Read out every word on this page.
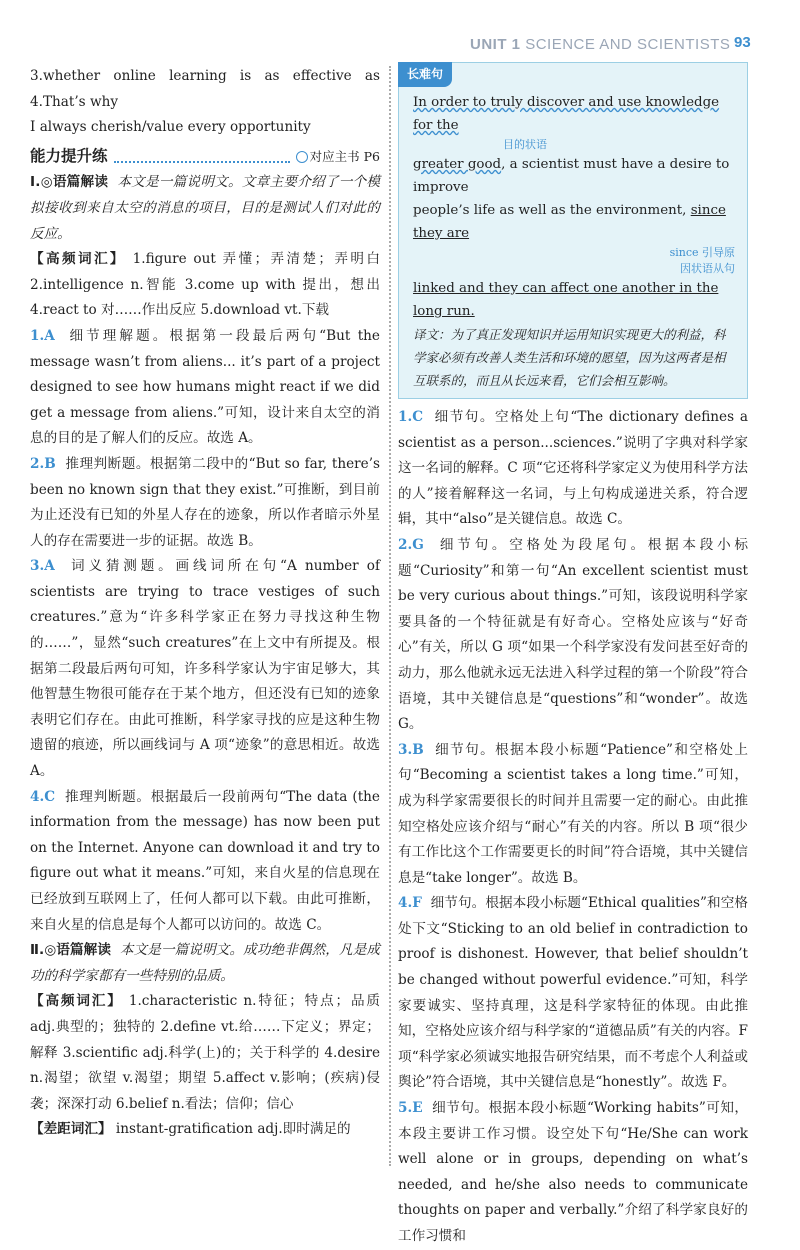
UNIT 1 SCIENCE AND SCIENTISTS 93

3.whether online learning is as effective as 4.That’s why

I always cherish/value every opportunity

能力提升练	对应主书 P6

Ⅰ.◎语篇解读 本文是一篇说明文。文章主要介绍了一个模拟接收到来自太空的消息的项目，目的是测试人们对此的反应。

【高频词汇】 1.figure out 弄懂；弄清楚；弄明白 2.intelligence n.智能 3.come up with 提出，想出 4.react to 对……作出反应 5.download vt.下载

1.A 细节理解题。根据第一段最后两句“But the message wasn’t from aliens... it’s part of a project designed to see how humans might react if we did get a message from aliens.”可知，设计来自太空的消息的目的是了解人们的反应。故选 A。

2.B 推理判断题。根据第二段中的“But so far, there’s been no known sign that they exist.”可推断，到目前为止还没有已知的外星人存在的迹象，所以作者暗示外星人的存在需要进一步的证据。故选 B。

3.A 词义猜测题。画线词所在句“A number of scientists are trying to trace vestiges of such creatures.”意为“许多科学家正在努力寻找这种生物的……”，显然“such creatures”在上文中有所提及。根据第二段最后两句可知，许多科学家认为宇宙足够大，其他智慧生物很可能存在于某个地方，但还没有已知的迹象表明它们存在。由此可推断，科学家寻找的应是这种生物遗留的痕迹，所以画线词与 A 项“迹象”的意思相近。故选 A。

4.C 推理判断题。根据最后一段前两句“The data (the information from the message) has now been put on the Internet. Anyone can download it and try to figure out what it means.”可知，来自火星的信息现在已经放到互联网上了，任何人都可以下载。由此可推断，来自火星的信息是每个人都可以访问的。故选 C。

Ⅱ.◎语篇解读 本文是一篇说明文。成功绝非偶然，凡是成功的科学家都有一些特别的品质。

【高频词汇】 1.characteristic n.特征；特点；品质 adj.典型的；独特的 2.define vt.给……下定义；界定；解释 3.scientific adj.科学(上)的；关于科学的 4.desire n.渴望；欲望 v.渴望；期望 5.affect v.影响；(疾病)侵袭；深深打动 6.belief n.看法；信仰；信心

【差距词汇】 instant-gratification adj.即时满足的

长难句
In order to truly discover and use knowledge for the
目的状语
greater good, a scientist must have a desire to improve
people’s life as well as the environment, since they are
since 引导原
因状语从句
linked and they can affect one another in the long run.
译文：为了真正发现知识并运用知识实现更大的利益，科学家必须有改善人类生活和环境的愿望，因为这两者是相互联系的，而且从长远来看，它们会相互影响。

1.C 细节句。空格处上句“The dictionary defines a scientist as a person...sciences.”说明了字典对科学家这一名词的解释。C 项“它还将科学家定义为使用科学方法的人”接着解释这一名词，与上句构成递进关系，符合逻辑，其中“also”是关键信息。故选 C。

2.G 细节句。空格处为段尾句。根据本段小标题“Curiosity”和第一句“An excellent scientist must be very curious about things.”可知，该段说明科学家要具备的一个特征就是有好奇心。空格处应该与“好奇心”有关，所以 G 项“如果一个科学家没有发问甚至好奇的动力，那么他就永远无法进入科学过程的第一个阶段”符合语境，其中关键信息是“questions”和“wonder”。故选 G。

3.B 细节句。根据本段小标题“Patience”和空格处上句“Becoming a scientist takes a long time.”可知，成为科学家需要很长的时间并且需要一定的耐心。由此推知空格处应该介绍与“耐心”有关的内容。所以 B 项“很少有工作比这个工作需要更长的时间”符合语境，其中关键信息是“take longer”。故选 B。

4.F 细节句。根据本段小标题“Ethical qualities”和空格处下文“Sticking to an old belief in contradiction to proof is dishonest. However, that belief shouldn’t be changed without powerful evidence.”可知，科学家要诚实、坚持真理，这是科学家特征的体现。由此推知，空格处应该介绍与科学家的“道德品质”有关的内容。F 项“科学家必须诚实地报告研究结果，而不考虑个人利益或舆论”符合语境，其中关键信息是“honestly”。故选 F。

5.E 细节句。根据本段小标题“Working habits”可知，本段主要讲工作习惯。设空处下句“He/She can work well alone or in groups, depending on what’s needed, and he/she also needs to communicate thoughts on paper and verbally.”介绍了科学家良好的工作习惯和
